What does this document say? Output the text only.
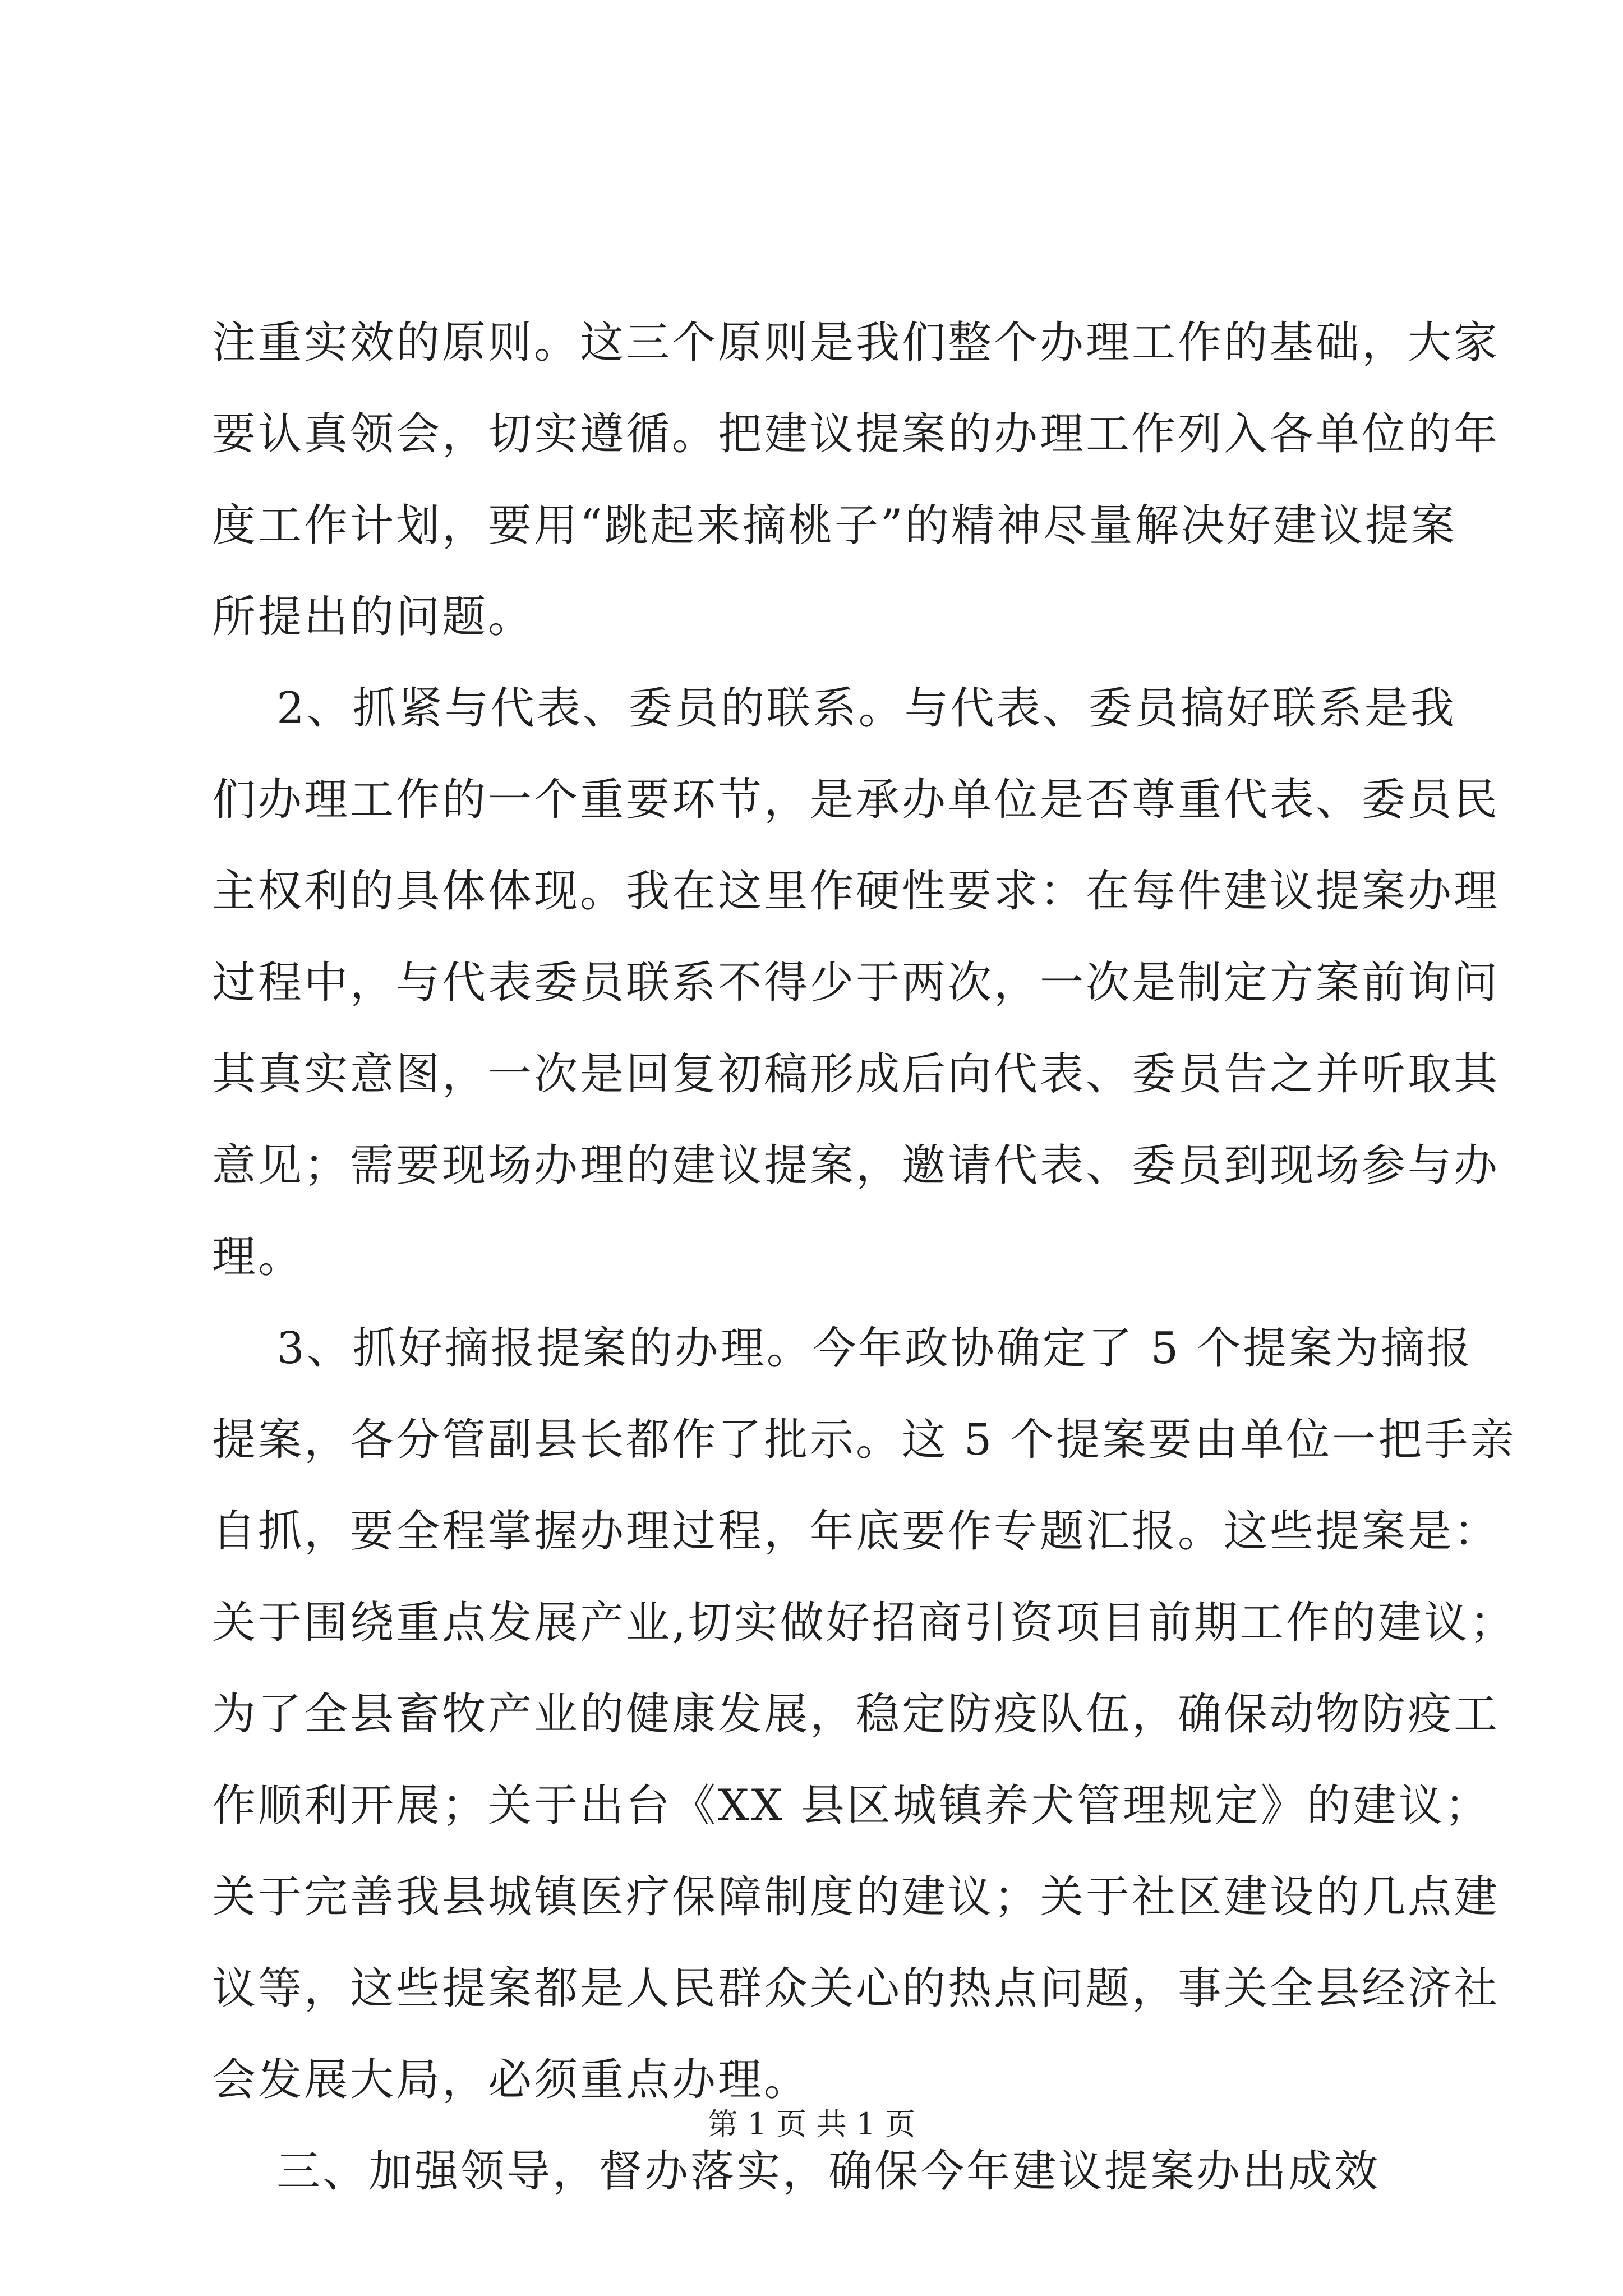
注重实效的原则。这三个原则是我们整个办理工作的基础，大家
要认真领会，切实遵循。把建议提案的办理工作列入各单位的年
度工作计划，要用“跳起来摘桃子”的精神尽量解决好建议提案
所提出的问题。
2、抓紧与代表、委员的联系。与代表、委员搞好联系是我
们办理工作的一个重要环节，是承办单位是否尊重代表、委员民
主权利的具体体现。我在这里作硬性要求：在每件建议提案办理
过程中，与代表委员联系不得少于两次，一次是制定方案前询问
其真实意图，一次是回复初稿形成后向代表、委员告之并听取其
意见；需要现场办理的建议提案，邀请代表、委员到现场参与办
理。
3、抓好摘报提案的办理。今年政协确定了 5 个提案为摘报
提案，各分管副县长都作了批示。这 5 个提案要由单位一把手亲
自抓，要全程掌握办理过程，年底要作专题汇报。这些提案是：
关于围绕重点发展产业,切实做好招商引资项目前期工作的建议；
为了全县畜牧产业的健康发展，稳定防疫队伍，确保动物防疫工
作顺利开展；关于出台《XX 县区城镇养犬管理规定》的建议；
关于完善我县城镇医疗保障制度的建议；关于社区建设的几点建
议等，这些提案都是人民群众关心的热点问题，事关全县经济社
会发展大局，必须重点办理。
三、加强领导，督办落实，确保今年建议提案办出成效
第 1 页 共 1 页
